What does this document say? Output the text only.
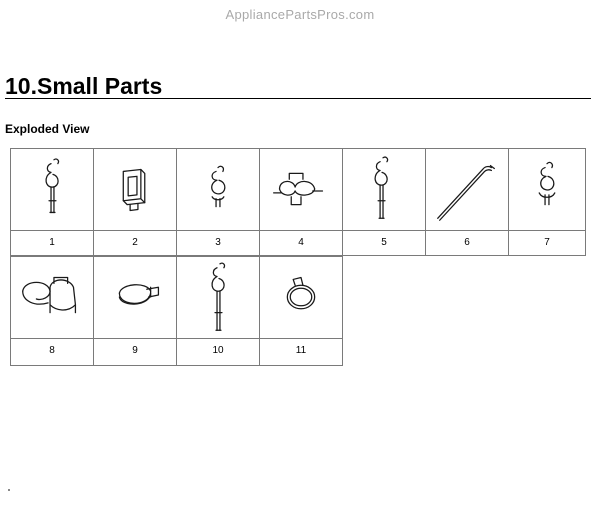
AppliancePartsPros.com
10.Small Parts
Exploded View
1	2	3	4	5	6	7
8	9	10	11
